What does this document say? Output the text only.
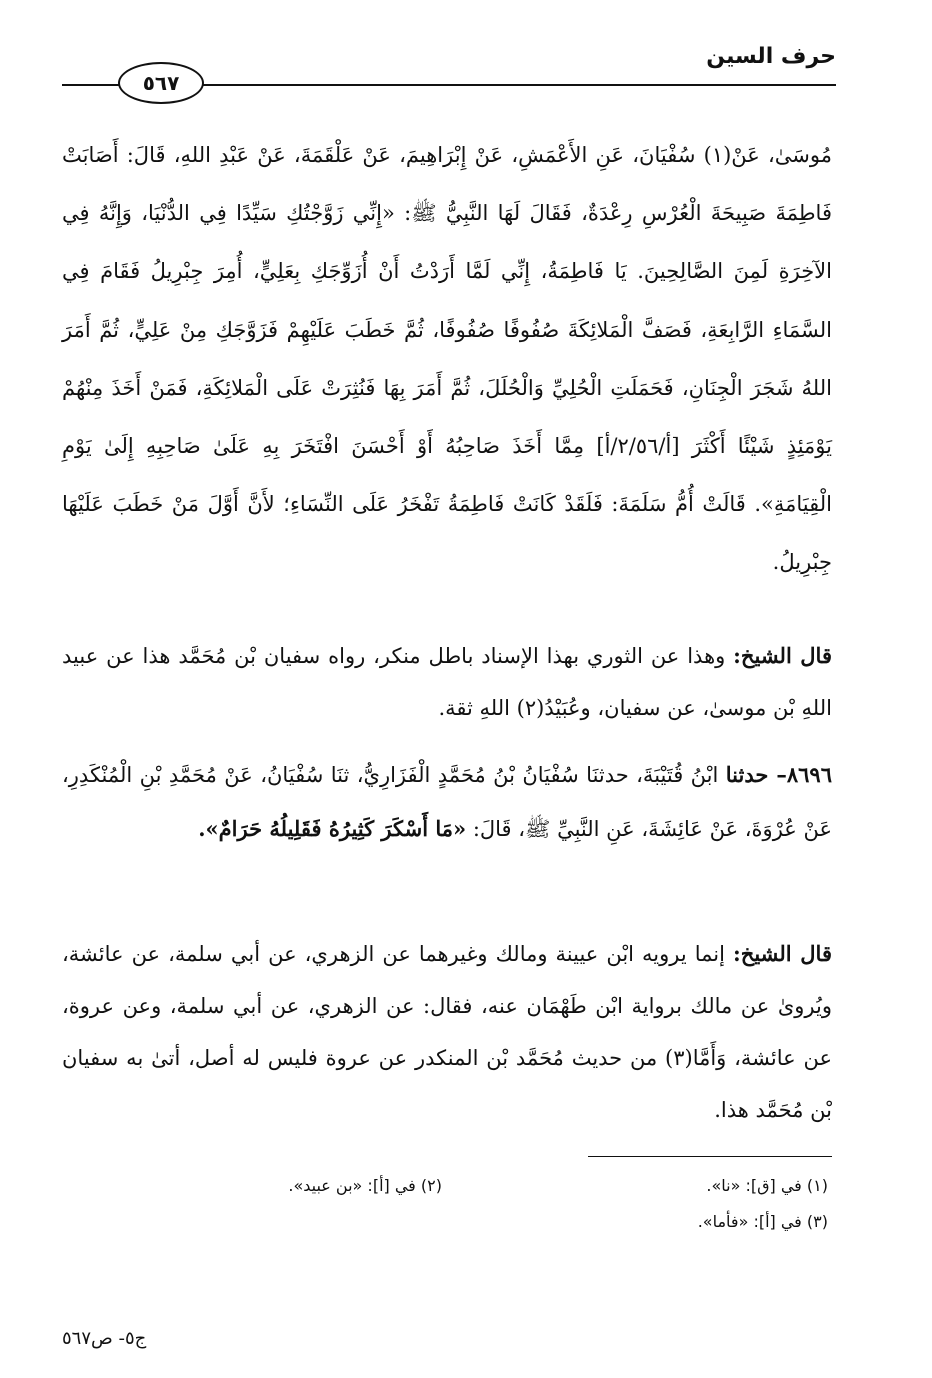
حرف السين
٥٦٧

مُوسَىٰ، عَنْ(١) سُفْيَانَ، عَنِ الأَعْمَشِ، عَنْ إِبْرَاهِيمَ، عَنْ عَلْقَمَةَ، عَنْ عَبْدِ اللهِ، قَالَ: أَصَابَتْ فَاطِمَةَ صَبِيحَةَ الْعُرْسِ رِعْدَةٌ، فَقَالَ لَهَا النَّبِيُّ ﷺ: «إِنِّي زَوَّجْتُكِ سَيِّدًا فِي الدُّنْيَا، وَإِنَّهُ فِي الآخِرَةِ لَمِنَ الصَّالِحِينَ. يَا فَاطِمَةُ، إِنِّي لَمَّا أَرَدْتُ أَنْ أُزَوِّجَكِ بِعَلِيٍّ، أُمِرَ جِبْرِيلُ فَقَامَ فِي السَّمَاءِ الرَّابِعَةِ، فَصَفَّ الْمَلائِكَةَ صُفُوفًا صُفُوفًا، ثُمَّ خَطَبَ عَلَيْهِمْ فَزَوَّجَكِ مِنْ عَلِيٍّ، ثُمَّ أَمَرَ اللهُ شَجَرَ الْجِنَانِ، فَحَمَلَتِ الْحُلِيِّ وَالْحُلَلَ، ثُمَّ أَمَرَ بِهَا فَنُثِرَتْ عَلَى الْمَلائِكَةِ، فَمَنْ أَخَذَ مِنْهُمْ يَوْمَئِذٍ شَيْئًا أَكْثَرَ [أ/٢/٥٦/أ] مِمَّا أَخَذَ صَاحِبُهُ أَوْ أَحْسَنَ افْتَخَرَ بِهِ عَلَىٰ صَاحِبِهِ إِلَىٰ يَوْمِ الْقِيَامَةِ». قَالَتْ أُمُّ سَلَمَةَ: فَلَقَدْ كَانَتْ فَاطِمَةُ تَفْخَرُ عَلَى النِّسَاءِ؛ لأَنَّ أَوَّلَ مَنْ خَطَبَ عَلَيْهَا جِبْرِيلُ.

قال الشيخ: وهذا عن الثوري بهذا الإسناد باطل منكر، رواه سفيان بْن مُحَمَّد هذا عن عبيد اللهِ بْن موسىٰ، عن سفيان، وعُبَيْدُ(٢) اللهِ ثقة.

٨٦٩٦– حدثنا ابْنُ قُتَيْبَةَ، حدثنَا سُفْيَانُ بْنُ مُحَمَّدٍ الْفَزَارِيُّ، ثنَا سُفْيَانُ، عَنْ مُحَمَّدِ بْنِ الْمُنْكَدِرِ، عَنْ عُرْوَةَ، عَنْ عَائِشَةَ، عَنِ النَّبِيِّ ﷺ، قَالَ: «مَا أَسْكَرَ كَثِيرُهُ فَقَلِيلُهُ حَرَامٌ».

قال الشيخ: إنما يرويه ابْن عيينة ومالك وغيرهما عن الزهري، عن أبي سلمة، عن عائشة، ويُروىٰ عن مالك برواية ابْن طَهْمَان عنه، فقال: عن الزهري، عن أبي سلمة، وعن عروة، عن عائشة، وَأَمَّا(٣) من حديث مُحَمَّد بْن المنكدر عن عروة فليس له أصل، أتىٰ به سفيان بْن مُحَمَّد هذا.

(١) في [ق]: «نا».
(٢) في [أ]: «بن عبيد».
(٣) في [أ]: «فأما».
ج٥- ص٥٦٧
